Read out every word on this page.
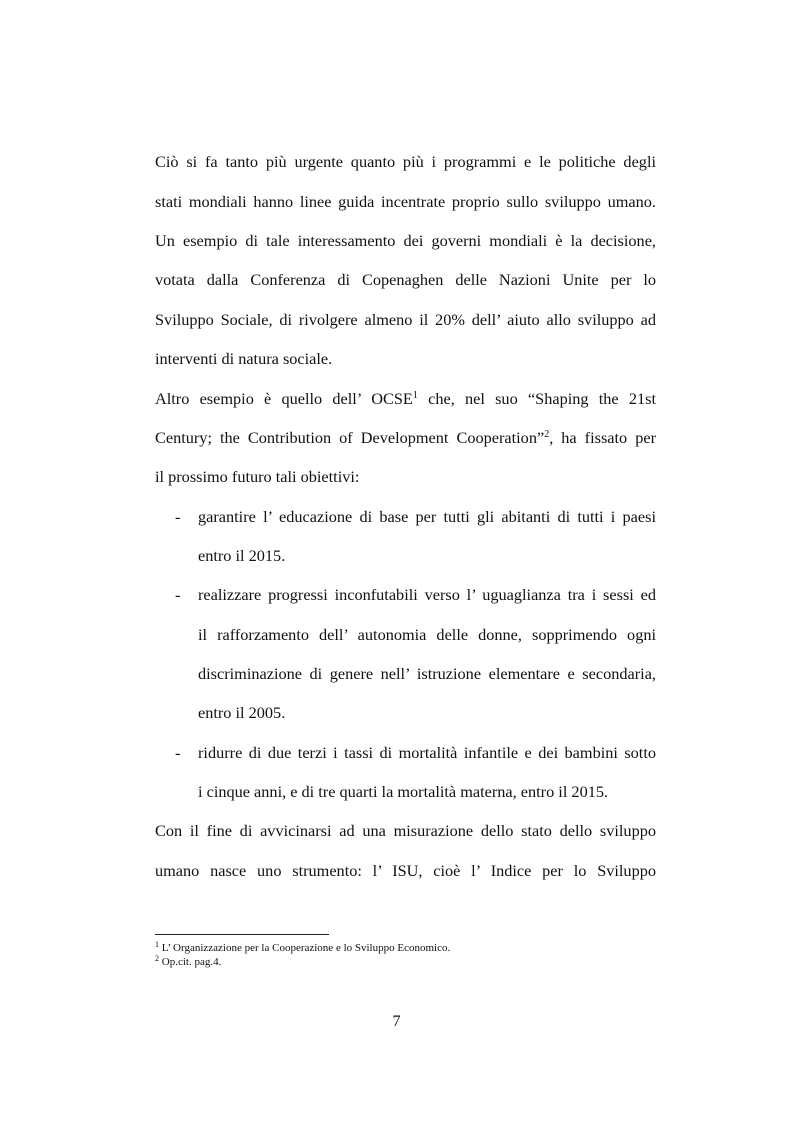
Ciò si fa tanto più urgente quanto più i programmi e le politiche degli
stati mondiali hanno linee guida incentrate proprio sullo sviluppo umano.
Un esempio di tale interessamento dei governi mondiali è la decisione,
votata dalla Conferenza di Copenaghen delle Nazioni Unite per lo
Sviluppo Sociale, di rivolgere almeno il 20% dell’ aiuto allo sviluppo ad
interventi di natura sociale.
Altro esempio è quello dell’ OCSE$^1$ che, nel suo “Shaping the 21st
Century; the Contribution of Development Cooperation”$^2$, ha fissato per
il prossimo futuro tali obiettivi:
- garantire l’ educazione di base per tutti gli abitanti di tutti i paesi
entro il 2015.
- realizzare progressi inconfutabili verso l’ uguaglianza tra i sessi ed
il rafforzamento dell’ autonomia delle donne, sopprimendo ogni
discriminazione di genere nell’ istruzione elementare e secondaria,
entro il 2005.
- ridurre di due terzi i tassi di mortalità infantile e dei bambini sotto
i cinque anni, e di tre quarti la mortalità materna, entro il 2015.
Con il fine di avvicinarsi ad una misurazione dello stato dello sviluppo
umano nasce uno strumento: l’ ISU, cioè l’ Indice per lo Sviluppo
$^1$ L’ Organizzazione per la Cooperazione e lo Sviluppo Economico.
$^2$ Op.cit. pag.4.
7
